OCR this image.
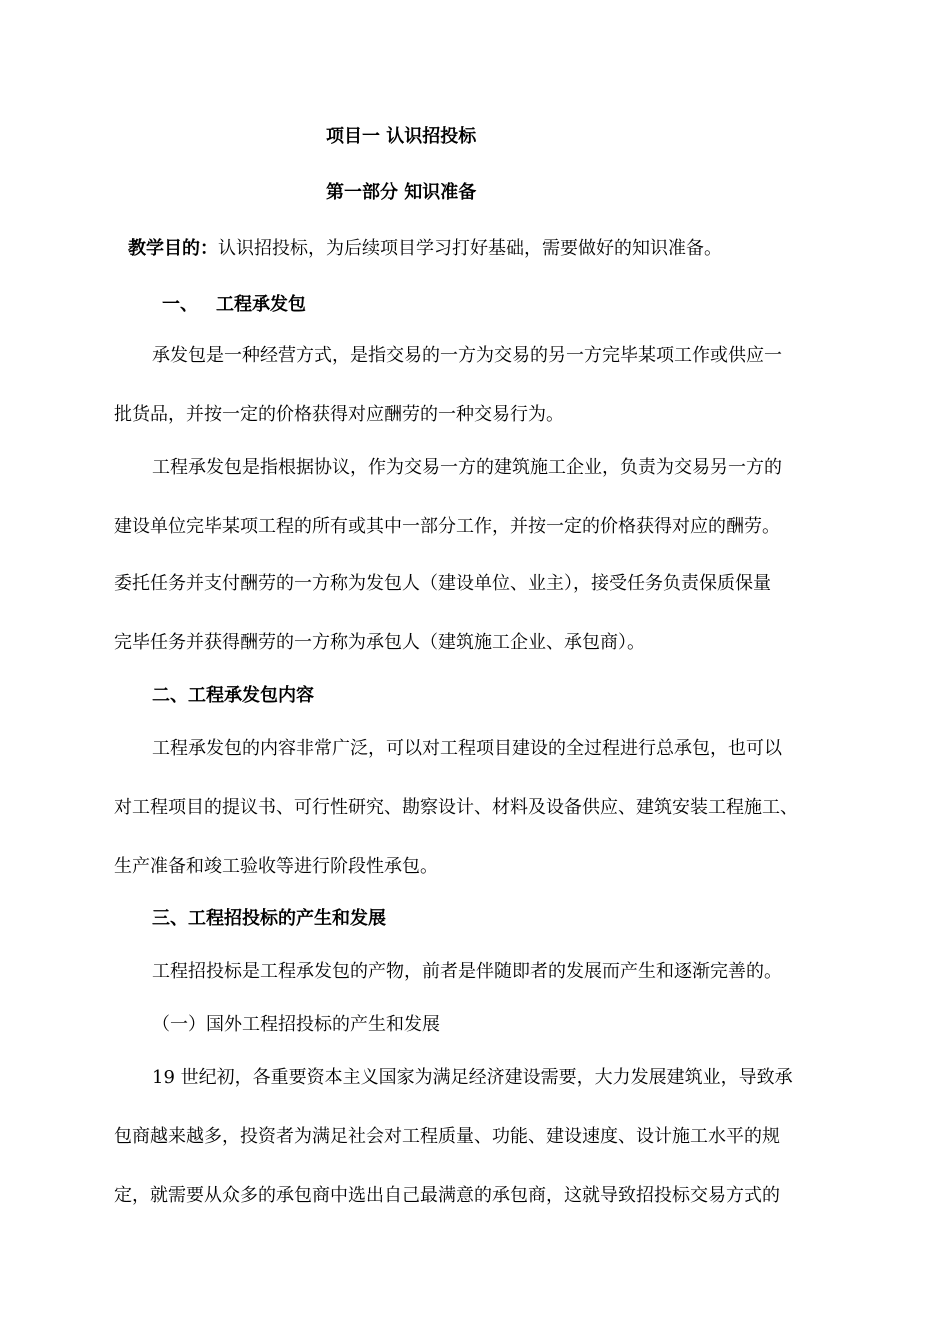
项目一 认识招投标
第一部分 知识准备
教学目的：认识招投标，为后续项目学习打好基础，需要做好的知识准备。
一、 工程承发包
承发包是一种经营方式，是指交易的一方为交易的另一方完毕某项工作或供应一
批货品，并按一定的价格获得对应酬劳的一种交易行为。
工程承发包是指根据协议，作为交易一方的建筑施工企业，负责为交易另一方的
建设单位完毕某项工程的所有或其中一部分工作，并按一定的价格获得对应的酬劳。
委托任务并支付酬劳的一方称为发包人（建设单位、业主），接受任务负责保质保量
完毕任务并获得酬劳的一方称为承包人（建筑施工企业、承包商）。
二、工程承发包内容
工程承发包的内容非常广泛，可以对工程项目建设的全过程进行总承包，也可以
对工程项目的提议书、可行性研究、勘察设计、材料及设备供应、建筑安装工程施工、
生产准备和竣工验收等进行阶段性承包。
三、工程招投标的产生和发展
工程招投标是工程承发包的产物，前者是伴随即者的发展而产生和逐渐完善的。
（一）国外工程招投标的产生和发展
19 世纪初，各重要资本主义国家为满足经济建设需要，大力发展建筑业，导致承
包商越来越多，投资者为满足社会对工程质量、功能、建设速度、设计施工水平的规
定，就需要从众多的承包商中选出自己最满意的承包商，这就导致招投标交易方式的
